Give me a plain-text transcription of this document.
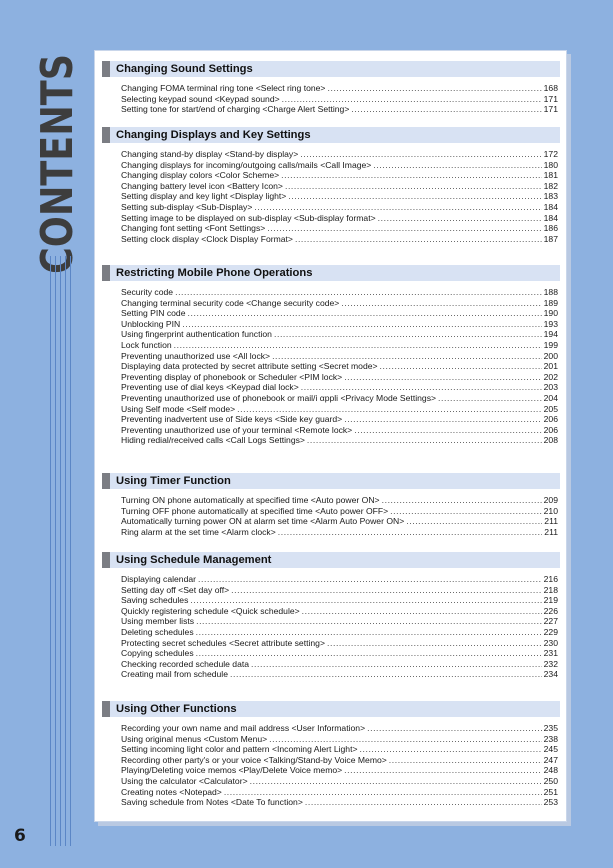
CONTENTS
6
Changing Sound Settings
Changing FOMA terminal ring tone <Select ring tone> .....	168
Selecting keypad sound <Keypad sound> .....	171
Setting tone for start/end of charging <Charge Alert Setting> .....	171
Changing Displays and Key Settings
Changing stand-by display <Stand-by display> .....	172
Changing displays for incoming/outgoing calls/mails <Call Image> .....	180
Changing display colors <Color Scheme> .....	181
Changing battery level icon <Battery Icon> .....	182
Setting display and key light <Display light> .....	183
Setting sub-display <Sub-Display> .....	184
Setting image to be displayed on sub-display <Sub-display format> .....	184
Changing font setting <Font Settings> .....	186
Setting clock display <Clock Display Format> .....	187
Restricting Mobile Phone Operations
Security code .....	188
Changing terminal security code <Change security code> .....	189
Setting PIN code .....	190
Unblocking PIN .....	193
Using fingerprint authentication function .....	194
Lock function .....	199
Preventing unauthorized use <All lock> .....	200
Displaying data protected by secret attribute setting <Secret mode> .....	201
Preventing display of phonebook or Scheduler <PIM lock> .....	202
Preventing use of dial keys <Keypad dial lock> .....	203
Preventing unauthorized use of phonebook or mail/i αppli <Privacy Mode Settings> .....	204
Using Self mode <Self mode> .....	205
Preventing inadvertent use of Side keys <Side key guard> .....	206
Preventing unauthorized use of your terminal <Remote lock> .....	206
Hiding redial/received calls <Call Logs Settings> .....	208
Using Timer Function
Turning ON phone automatically at specified time <Auto power ON> .....	209
Turning OFF phone automatically at specified time <Auto power OFF> .....	210
Automatically turning power ON at alarm set time <Alarm Auto Power ON> .....	211
Ring alarm at the set time <Alarm clock> .....	211
Using Schedule Management
Displaying calendar .....	216
Setting day off <Set day off> .....	218
Saving schedules .....	219
Quickly registering schedule <Quick schedule> .....	226
Using member lists .....	227
Deleting schedules .....	229
Protecting secret schedules <Secret attribute setting> .....	230
Copying schedules .....	231
Checking recorded schedule data .....	232
Creating mail from schedule .....	234
Using Other Functions
Recording your own name and mail address <User Information> .....	235
Using original menus <Custom Menu> .....	238
Setting incoming light color and pattern <Incoming Alert Light> .....	245
Recording other party's or your voice <Talking/Stand-by Voice Memo> .....	247
Playing/Deleting voice memos <Play/Delete Voice memo> .....	248
Using the calculator <Calculator> .....	250
Creating notes <Notepad> .....	251
Saving schedule from Notes <Date To function> .....	253
